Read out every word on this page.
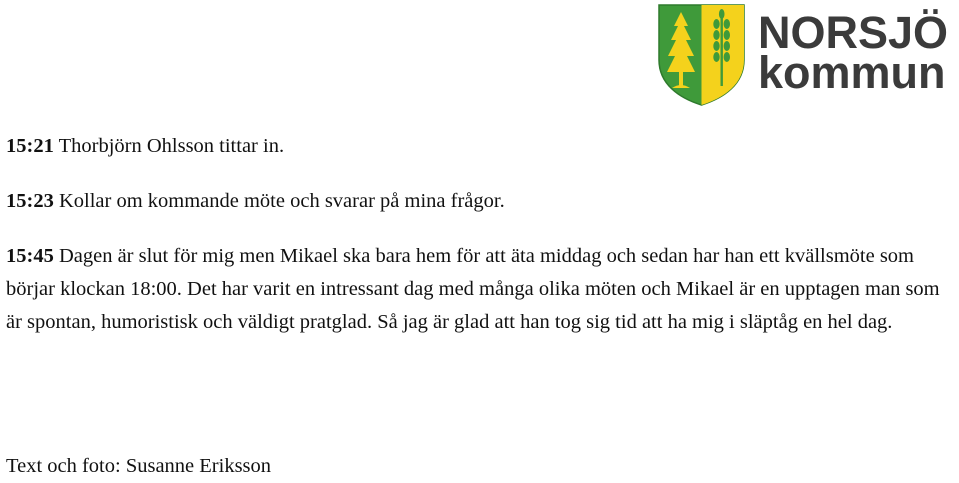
NORSJÖ
kommun

15:21 Thorbjörn Ohlsson tittar in.

15:23 Kollar om kommande möte och svarar på mina frågor.

15:45 Dagen är slut för mig men Mikael ska bara hem för att äta middag och sedan har han ett kvällsmöte som börjar klockan 18:00. Det har varit en intressant dag med många olika möten och Mikael är en upptagen man som är spontan, humoristisk och väldigt pratglad. Så jag är glad att han tog sig tid att ha mig i släptåg en hel dag.

Text och foto: Susanne Eriksson
